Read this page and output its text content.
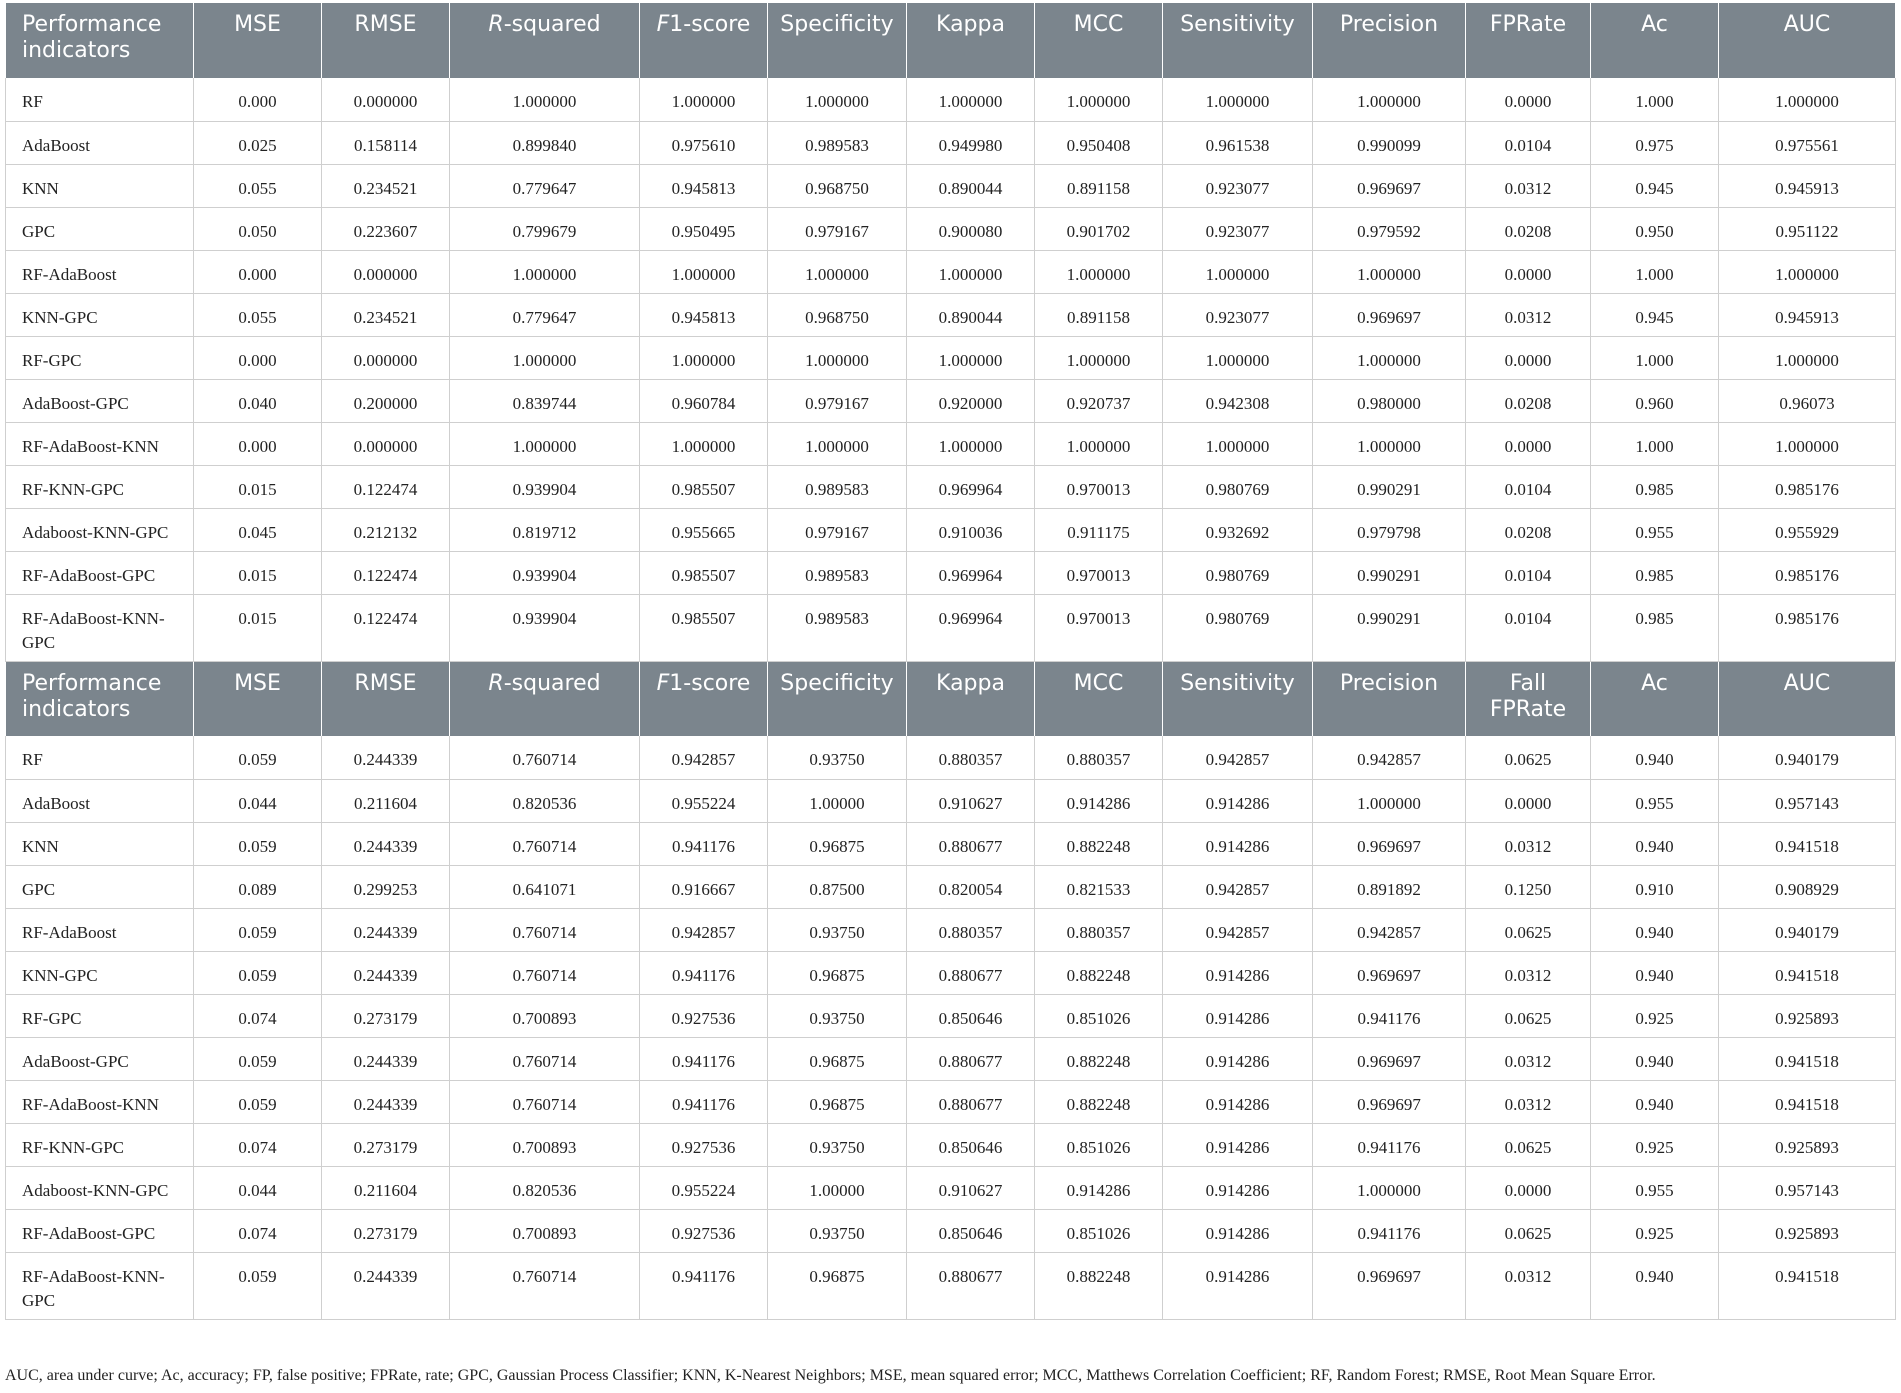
Performance indicators	MSE	RMSE	R-squared	F1-score	Specificity	Kappa	MCC	Sensitivity	Precision	FPRate	Ac	AUC
RF	0.000	0.000000	1.000000	1.000000	1.000000	1.000000	1.000000	1.000000	1.000000	0.0000	1.000	1.000000
AdaBoost	0.025	0.158114	0.899840	0.975610	0.989583	0.949980	0.950408	0.961538	0.990099	0.0104	0.975	0.975561
KNN	0.055	0.234521	0.779647	0.945813	0.968750	0.890044	0.891158	0.923077	0.969697	0.0312	0.945	0.945913
GPC	0.050	0.223607	0.799679	0.950495	0.979167	0.900080	0.901702	0.923077	0.979592	0.0208	0.950	0.951122
RF-AdaBoost	0.000	0.000000	1.000000	1.000000	1.000000	1.000000	1.000000	1.000000	1.000000	0.0000	1.000	1.000000
KNN-GPC	0.055	0.234521	0.779647	0.945813	0.968750	0.890044	0.891158	0.923077	0.969697	0.0312	0.945	0.945913
RF-GPC	0.000	0.000000	1.000000	1.000000	1.000000	1.000000	1.000000	1.000000	1.000000	0.0000	1.000	1.000000
AdaBoost-GPC	0.040	0.200000	0.839744	0.960784	0.979167	0.920000	0.920737	0.942308	0.980000	0.0208	0.960	0.96073
RF-AdaBoost-KNN	0.000	0.000000	1.000000	1.000000	1.000000	1.000000	1.000000	1.000000	1.000000	0.0000	1.000	1.000000
RF-KNN-GPC	0.015	0.122474	0.939904	0.985507	0.989583	0.969964	0.970013	0.980769	0.990291	0.0104	0.985	0.985176
Adaboost-KNN-GPC	0.045	0.212132	0.819712	0.955665	0.979167	0.910036	0.911175	0.932692	0.979798	0.0208	0.955	0.955929
RF-AdaBoost-GPC	0.015	0.122474	0.939904	0.985507	0.989583	0.969964	0.970013	0.980769	0.990291	0.0104	0.985	0.985176
RF-AdaBoost-KNN-GPC	0.015	0.122474	0.939904	0.985507	0.989583	0.969964	0.970013	0.980769	0.990291	0.0104	0.985	0.985176
Performance indicators	MSE	RMSE	R-squared	F1-score	Specificity	Kappa	MCC	Sensitivity	Precision	Fall FPRate	Ac	AUC
RF	0.059	0.244339	0.760714	0.942857	0.93750	0.880357	0.880357	0.942857	0.942857	0.0625	0.940	0.940179
AdaBoost	0.044	0.211604	0.820536	0.955224	1.00000	0.910627	0.914286	0.914286	1.000000	0.0000	0.955	0.957143
KNN	0.059	0.244339	0.760714	0.941176	0.96875	0.880677	0.882248	0.914286	0.969697	0.0312	0.940	0.941518
GPC	0.089	0.299253	0.641071	0.916667	0.87500	0.820054	0.821533	0.942857	0.891892	0.1250	0.910	0.908929
RF-AdaBoost	0.059	0.244339	0.760714	0.942857	0.93750	0.880357	0.880357	0.942857	0.942857	0.0625	0.940	0.940179
KNN-GPC	0.059	0.244339	0.760714	0.941176	0.96875	0.880677	0.882248	0.914286	0.969697	0.0312	0.940	0.941518
RF-GPC	0.074	0.273179	0.700893	0.927536	0.93750	0.850646	0.851026	0.914286	0.941176	0.0625	0.925	0.925893
AdaBoost-GPC	0.059	0.244339	0.760714	0.941176	0.96875	0.880677	0.882248	0.914286	0.969697	0.0312	0.940	0.941518
RF-AdaBoost-KNN	0.059	0.244339	0.760714	0.941176	0.96875	0.880677	0.882248	0.914286	0.969697	0.0312	0.940	0.941518
RF-KNN-GPC	0.074	0.273179	0.700893	0.927536	0.93750	0.850646	0.851026	0.914286	0.941176	0.0625	0.925	0.925893
Adaboost-KNN-GPC	0.044	0.211604	0.820536	0.955224	1.00000	0.910627	0.914286	0.914286	1.000000	0.0000	0.955	0.957143
RF-AdaBoost-GPC	0.074	0.273179	0.700893	0.927536	0.93750	0.850646	0.851026	0.914286	0.941176	0.0625	0.925	0.925893
RF-AdaBoost-KNN-GPC	0.059	0.244339	0.760714	0.941176	0.96875	0.880677	0.882248	0.914286	0.969697	0.0312	0.940	0.941518
AUC, area under curve; Ac, accuracy; FP, false positive; FPRate, rate; GPC, Gaussian Process Classifier; KNN, K-Nearest Neighbors; MSE, mean squared error; MCC, Matthews Correlation Coefficient; RF, Random Forest; RMSE, Root Mean Square Error.
